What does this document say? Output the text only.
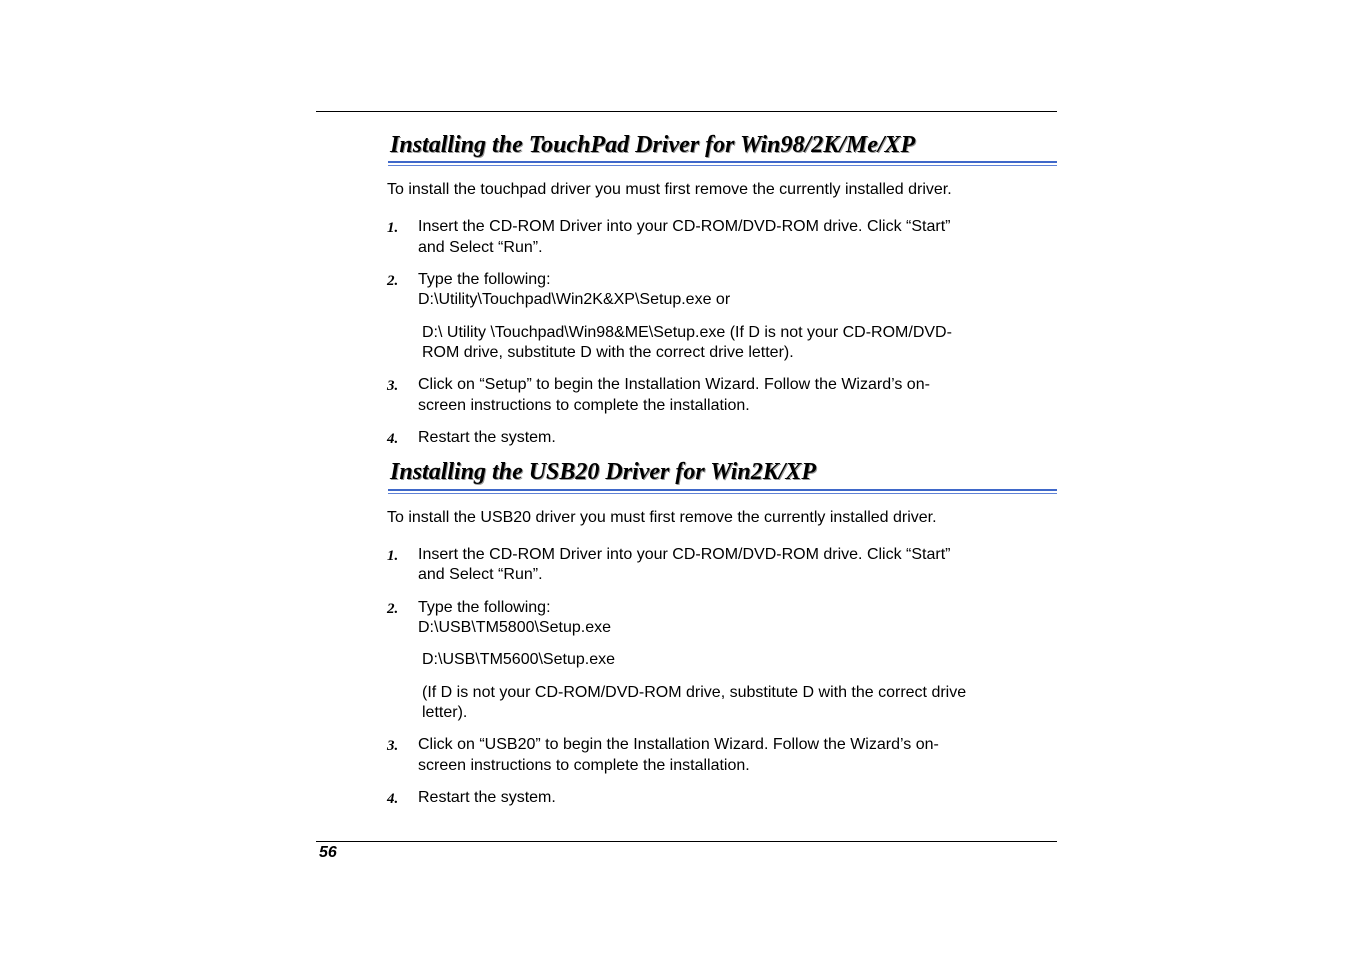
Installing the TouchPad Driver for Win98/2K/Me/XP

To install the touchpad driver you must first remove the currently installed driver.

1. Insert the CD-ROM Driver into your CD-ROM/DVD-ROM drive. Click “Start”

and Select “Run”.

2. Type the following:

D:\Utility\Touchpad\Win2K&XP\Setup.exe or

D:\ Utility \Touchpad\Win98&ME\Setup.exe (If D is not your CD-ROM/DVD-

ROM drive, substitute D with the correct drive letter).

3. Click on “Setup” to begin the Installation Wizard. Follow the Wizard’s on-

screen instructions to complete the installation.

4. Restart the system.

Installing the USB20 Driver for Win2K/XP

To install the USB20 driver you must first remove the currently installed driver.

1. Insert the CD-ROM Driver into your CD-ROM/DVD-ROM drive. Click “Start”

and Select “Run”.

2. Type the following:

D:\USB\TM5800\Setup.exe

D:\USB\TM5600\Setup.exe

(If D is not your CD-ROM/DVD-ROM drive, substitute D with the correct drive

letter).

3. Click on “USB20” to begin the Installation Wizard. Follow the Wizard’s on-

screen instructions to complete the installation.

4. Restart the system.

56
